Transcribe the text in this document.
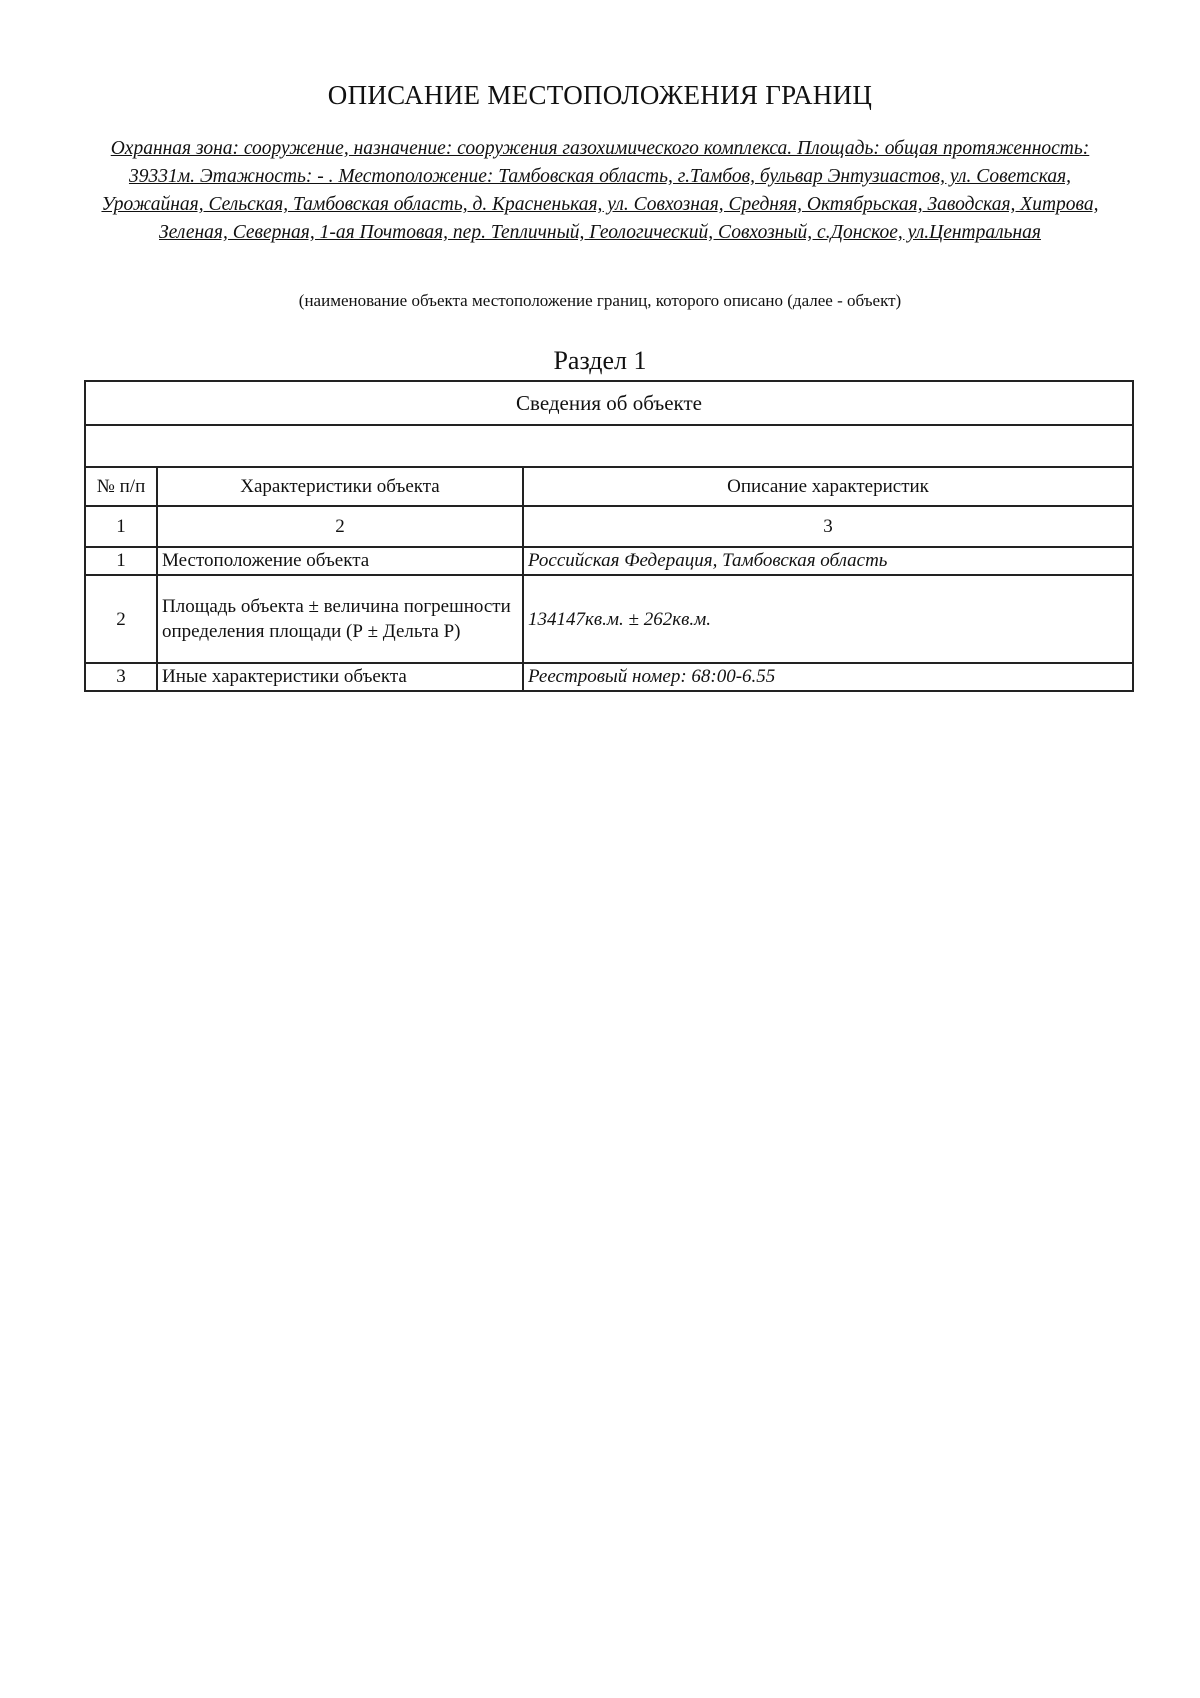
ОПИСАНИЕ МЕСТОПОЛОЖЕНИЯ ГРАНИЦ
Охранная зона: сооружение, назначение: сооружения газохимического комплекса. Площадь: общая протяженность: 39331м. Этажность: - . Местоположение: Тамбовская область, г.Тамбов, бульвар Энтузиастов, ул. Советская, Урожайная, Сельская, Тамбовская область, д. Красненькая, ул. Совхозная, Средняя, Октябрьская, Заводская, Хитрова, Зеленая, Северная, 1-ая Почтовая, пер. Тепличный, Геологический, Совхозный, с.Донское, ул.Центральная
(наименование объекта местоположение границ, которого описано (далее - объект)
Раздел 1
Сведения об объекте		

№ п/п	Характеристики объекта	Описание характеристик
1	2	3
1	Местоположение объекта	Российская Федерация, Тамбовская область
2	Площадь объекта ± величина погрешности определения площади (Р ± Дельта Р)	134147кв.м. ± 262кв.м.
3	Иные характеристики объекта	Реестровый номер: 68:00-6.55
